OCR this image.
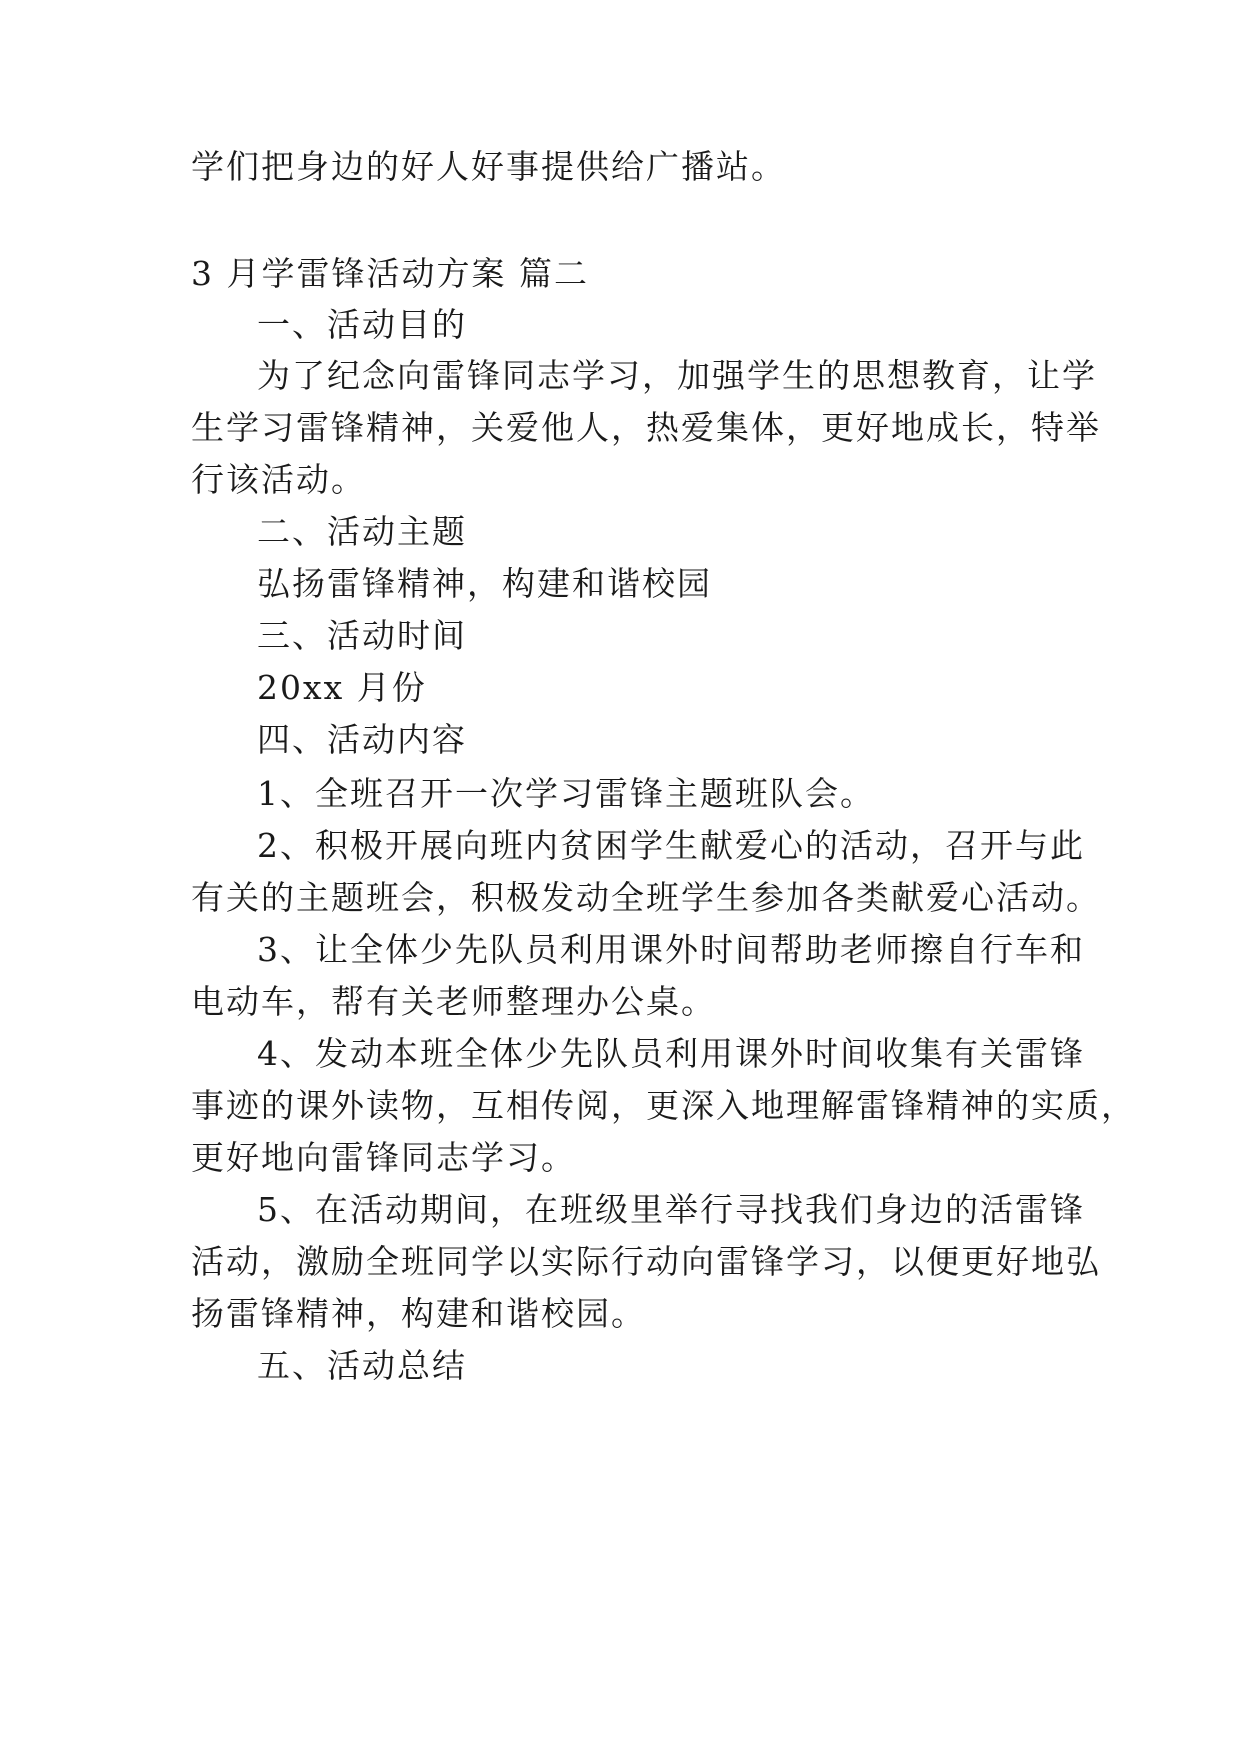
学们把身边的好人好事提供给广播站。
3 月学雷锋活动方案 篇二
一、活动目的
为了纪念向雷锋同志学习，加强学生的思想教育，让学
生学习雷锋精神，关爱他人，热爱集体，更好地成长，特举
行该活动。
二、活动主题
弘扬雷锋精神，构建和谐校园
三、活动时间
20xx 月份
四、活动内容
1、全班召开一次学习雷锋主题班队会。
2、积极开展向班内贫困学生献爱心的活动，召开与此
有关的主题班会，积极发动全班学生参加各类献爱心活动。
3、让全体少先队员利用课外时间帮助老师擦自行车和
电动车，帮有关老师整理办公桌。
4、发动本班全体少先队员利用课外时间收集有关雷锋
事迹的课外读物，互相传阅，更深入地理解雷锋精神的实质，
更好地向雷锋同志学习。
5、在活动期间，在班级里举行寻找我们身边的活雷锋
活动，激励全班同学以实际行动向雷锋学习，以便更好地弘
扬雷锋精神，构建和谐校园。
五、活动总结
